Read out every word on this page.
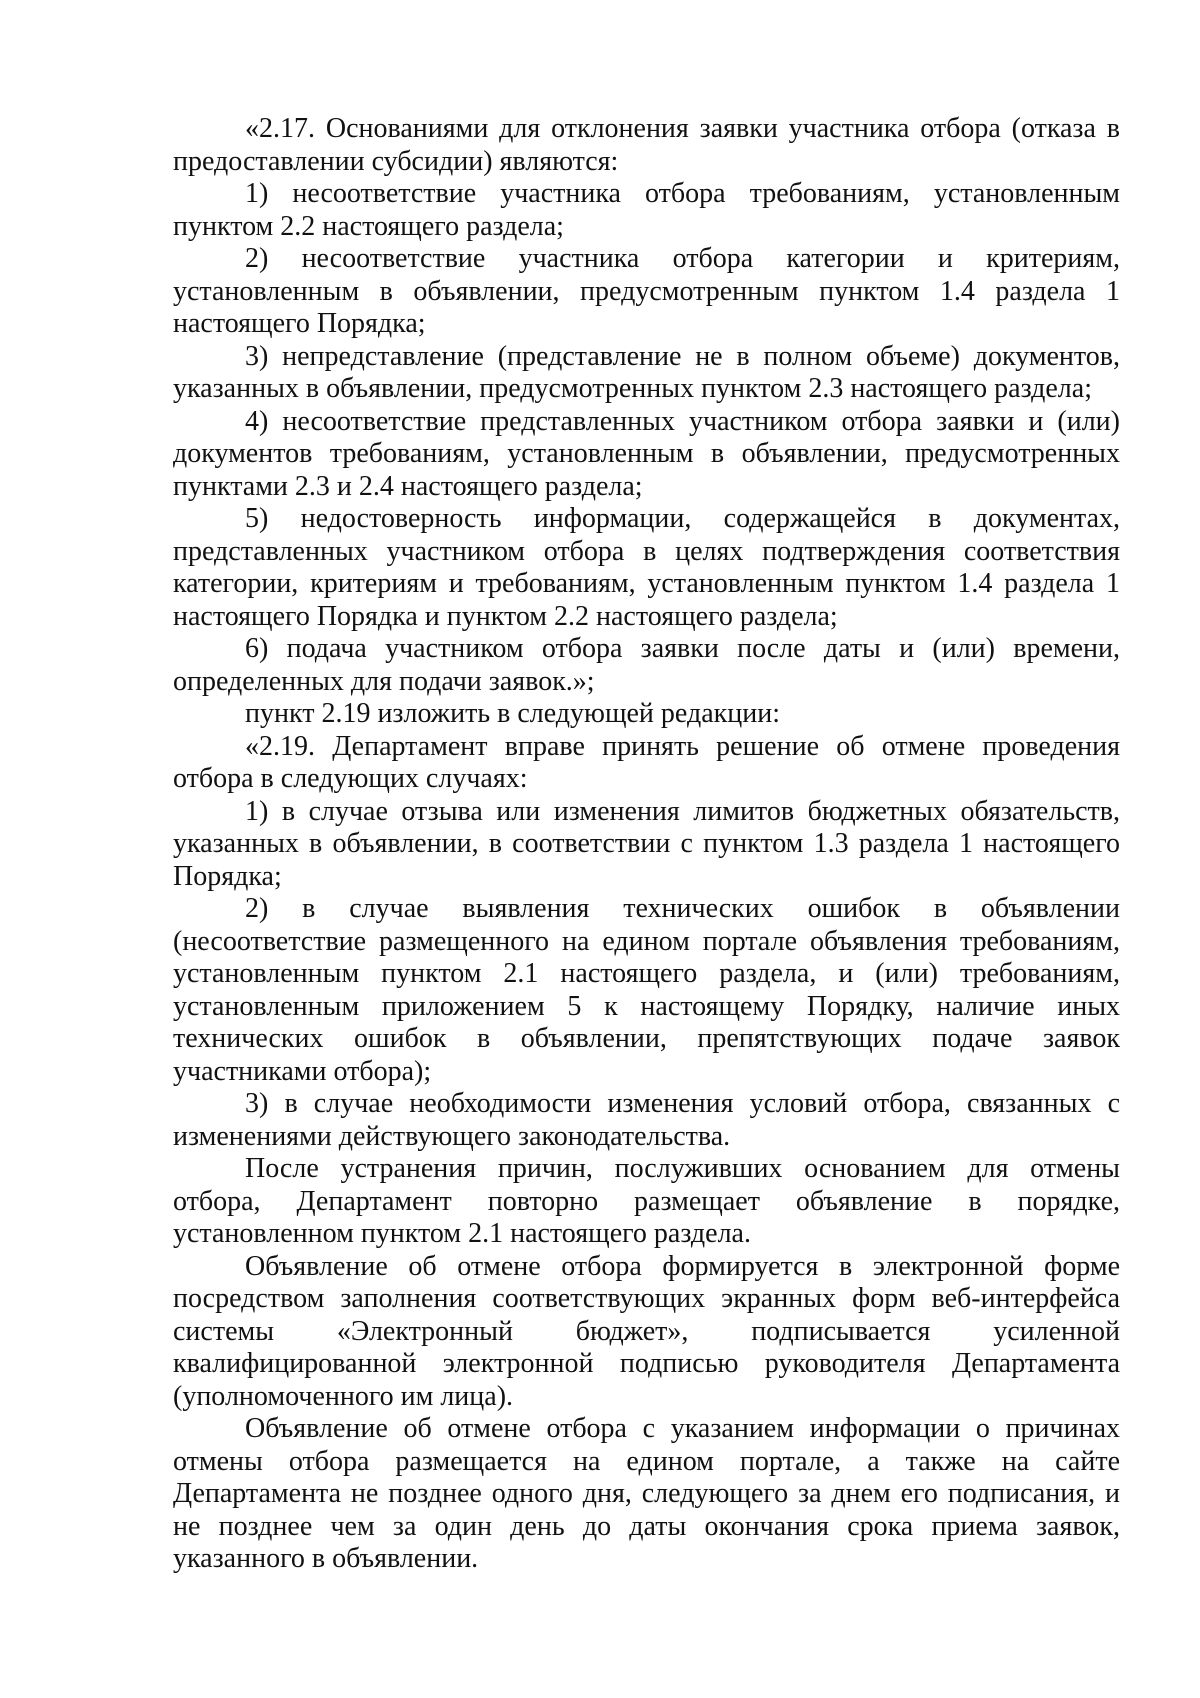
«2.17. Основаниями для отклонения заявки участника отбора (отказа в предоставлении субсидии) являются:

1) несоответствие участника отбора требованиям, установленным пунктом 2.2 настоящего раздела;

2) несоответствие участника отбора категории и критериям, установленным в объявлении, предусмотренным пунктом 1.4 раздела 1 настоящего Порядка;

3) непредставление (представление не в полном объеме) документов, указанных в объявлении, предусмотренных пунктом 2.3 настоящего раздела;

4) несоответствие представленных участником отбора заявки и (или) документов требованиям, установленным в объявлении, предусмотренных пунктами 2.3 и 2.4 настоящего раздела;

5) недостоверность информации, содержащейся в документах, представленных участником отбора в целях подтверждения соответствия категории, критериям и требованиям, установленным пунктом 1.4 раздела 1 настоящего Порядка и пунктом 2.2 настоящего раздела;

6) подача участником отбора заявки после даты и (или) времени, определенных для подачи заявок.»;

пункт 2.19 изложить в следующей редакции:

«2.19. Департамент вправе принять решение об отмене проведения отбора в следующих случаях:

1) в случае отзыва или изменения лимитов бюджетных обязательств, указанных в объявлении, в соответствии с пунктом 1.3 раздела 1 настоящего Порядка;

2) в случае выявления технических ошибок в объявлении (несоответствие размещенного на едином портале объявления требованиям, установленным пунктом 2.1 настоящего раздела, и (или) требованиям, установленным приложением 5 к настоящему Порядку, наличие иных технических ошибок в объявлении, препятствующих подаче заявок участниками отбора);

3) в случае необходимости изменения условий отбора, связанных с изменениями действующего законодательства.

После устранения причин, послуживших основанием для отмены отбора, Департамент повторно размещает объявление в порядке, установленном пунктом 2.1 настоящего раздела.

Объявление об отмене отбора формируется в электронной форме посредством заполнения соответствующих экранных форм веб-интерфейса системы «Электронный бюджет», подписывается усиленной квалифицированной электронной подписью руководителя Департамента (уполномоченного им лица).

Объявление об отмене отбора с указанием информации о причинах отмены отбора размещается на едином портале, а также на сайте Департамента не позднее одного дня, следующего за днем его подписания, и не позднее чем за один день до даты окончания срока приема заявок, указанного в объявлении.
